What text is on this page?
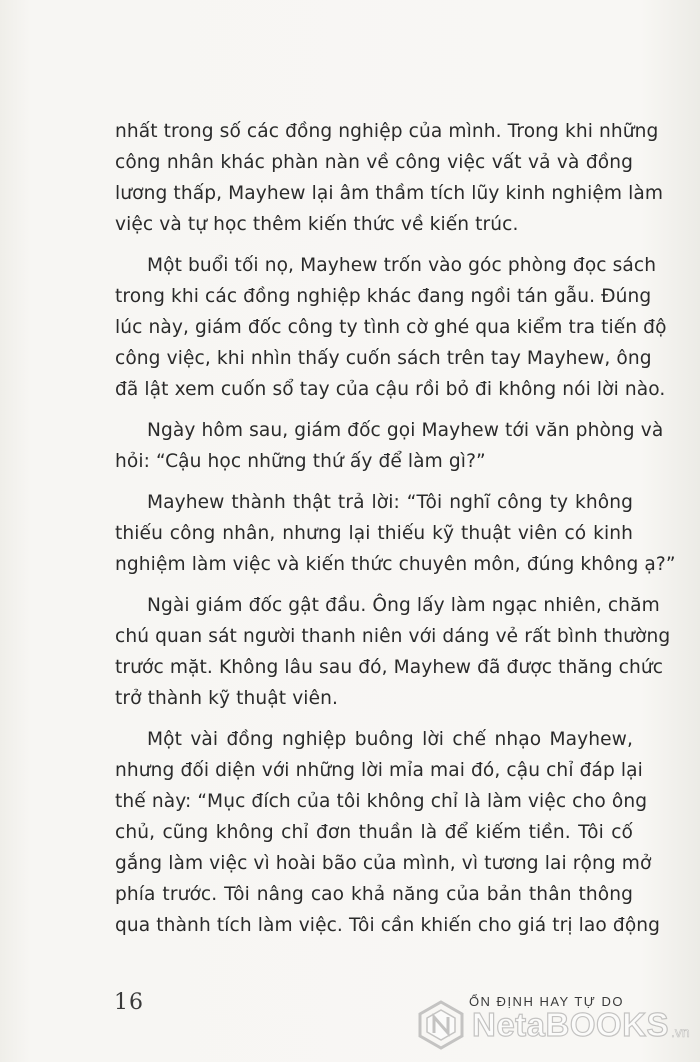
nhất trong số các đồng nghiệp của mình. Trong khi những
công nhân khác phàn nàn về công việc vất vả và đồng
lương thấp, Mayhew lại âm thầm tích lũy kinh nghiệm làm
việc và tự học thêm kiến thức về kiến trúc.
Một buổi tối nọ, Mayhew trốn vào góc phòng đọc sách
trong khi các đồng nghiệp khác đang ngồi tán gẫu. Đúng
lúc này, giám đốc công ty tình cờ ghé qua kiểm tra tiến độ
công việc, khi nhìn thấy cuốn sách trên tay Mayhew, ông
đã lật xem cuốn sổ tay của cậu rồi bỏ đi không nói lời nào.
Ngày hôm sau, giám đốc gọi Mayhew tới văn phòng và
hỏi: “Cậu học những thứ ấy để làm gì?”
Mayhew thành thật trả lời: “Tôi nghĩ công ty không
thiếu công nhân, nhưng lại thiếu kỹ thuật viên có kinh
nghiệm làm việc và kiến thức chuyên môn, đúng không ạ?”
Ngài giám đốc gật đầu. Ông lấy làm ngạc nhiên, chăm
chú quan sát người thanh niên với dáng vẻ rất bình thường
trước mặt. Không lâu sau đó, Mayhew đã được thăng chức
trở thành kỹ thuật viên.
Một vài đồng nghiệp buông lời chế nhạo Mayhew,
nhưng đối diện với những lời mỉa mai đó, cậu chỉ đáp lại
thế này: “Mục đích của tôi không chỉ là làm việc cho ông
chủ, cũng không chỉ đơn thuần là để kiếm tiền. Tôi cố
gắng làm việc vì hoài bão của mình, vì tương lai rộng mở
phía trước. Tôi nâng cao khả năng của bản thân thông
qua thành tích làm việc. Tôi cần khiến cho giá trị lao động
16	ỔN ĐỊNH HAY TỰ DO
NetaBOOKS .vn
